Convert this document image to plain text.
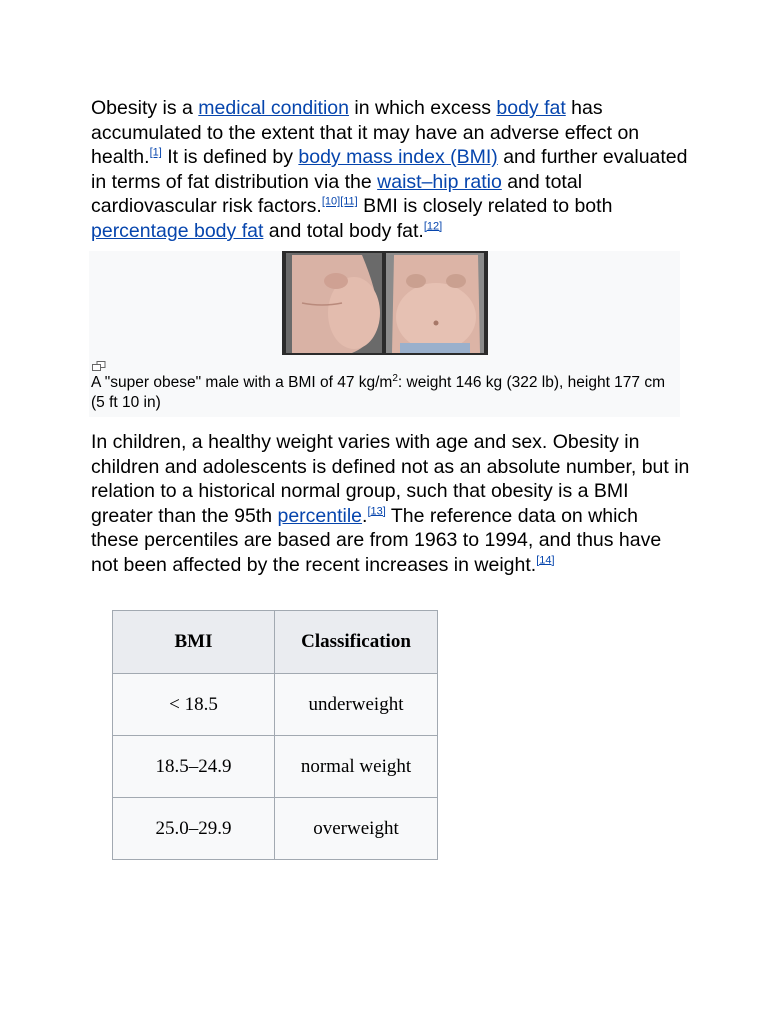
Obesity is a medical condition in which excess body fat has accumulated to the extent that it may have an adverse effect on health.[1] It is defined by body mass index (BMI) and further evaluated in terms of fat distribution via the waist–hip ratio and total cardiovascular risk factors.[10][11] BMI is closely related to both percentage body fat and total body fat.[12]

A "super obese" male with a BMI of 47 $kg/m^2$: weight 146 kg (322 lb), height 177 cm (5 ft 10 in)

In children, a healthy weight varies with age and sex. Obesity in children and adolescents is defined not as an absolute number, but in relation to a historical normal group, such that obesity is a BMI greater than the 95th percentile.[13] The reference data on which these percentiles are based are from 1963 to 1994, and thus have not been affected by the recent increases in weight.[14]

BMI	Classification
< 18.5	underweight
18.5–24.9	normal weight
25.0–29.9	overweight
